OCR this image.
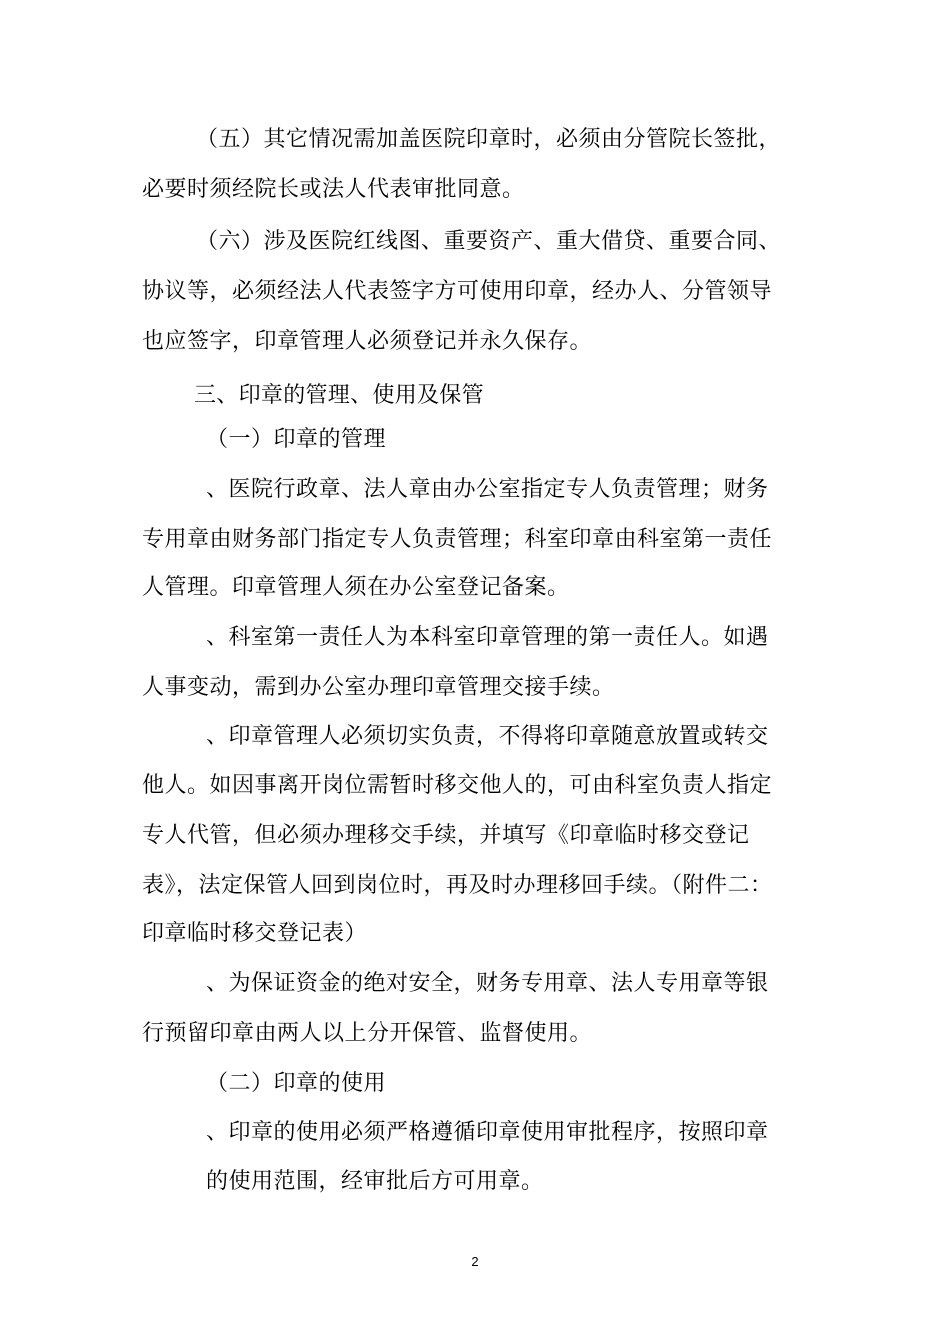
（五）其它情况需加盖医院印章时，必须由分管院长签批，
必要时须经院长或法人代表审批同意。
（六）涉及医院红线图、重要资产、重大借贷、重要合同、
协议等，必须经法人代表签字方可使用印章，经办人、分管领导
也应签字，印章管理人必须登记并永久保存。
三、印章的管理、使用及保管
（一）印章的管理
、医院行政章、法人章由办公室指定专人负责管理；财务
专用章由财务部门指定专人负责管理；科室印章由科室第一责任
人管理。印章管理人须在办公室登记备案。
、科室第一责任人为本科室印章管理的第一责任人。如遇
人事变动，需到办公室办理印章管理交接手续。
、印章管理人必须切实负责，不得将印章随意放置或转交
他人。如因事离开岗位需暂时移交他人的，可由科室负责人指定
专人代管，但必须办理移交手续，并填写《印章临时移交登记
表》，法定保管人回到岗位时，再及时办理移回手续。（附件二：
印章临时移交登记表）
、为保证资金的绝对安全，财务专用章、法人专用章等银
行预留印章由两人以上分开保管、监督使用。
（二）印章的使用
、印章的使用必须严格遵循印章使用审批程序，按照印章
的使用范围，经审批后方可用章。
2
